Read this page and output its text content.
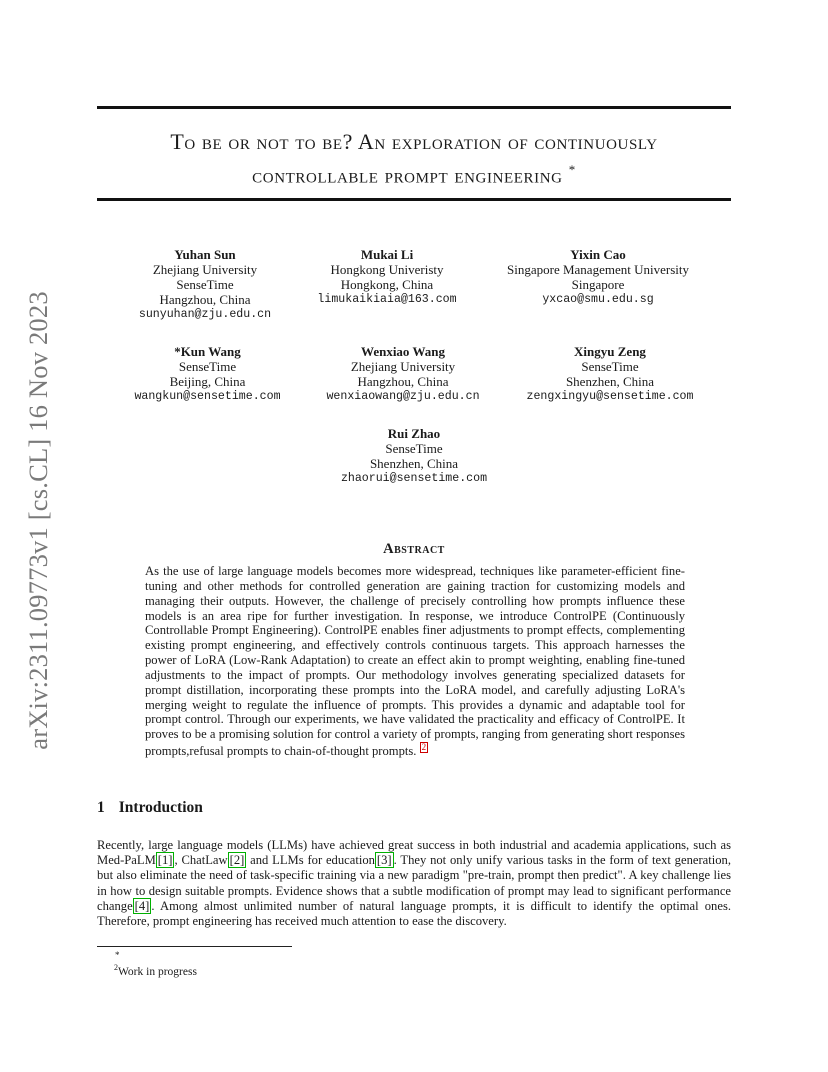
arXiv:2311.09773v1 [cs.CL] 16 Nov 2023
To be or not to be? An exploration of continuously
controllable prompt engineering *
Yuhan Sun
Zhejiang University
SenseTime
Hangzhou, China
sunyuhan@zju.edu.cn
Mukai Li
Hongkong Univeristy
Hongkong, China
limukaikiaia@163.com
Yixin Cao
Singapore Management University
Singapore
yxcao@smu.edu.sg
*Kun Wang
SenseTime
Beijing, China
wangkun@sensetime.com
Wenxiao Wang
Zhejiang University
Hangzhou, China
wenxiaowang@zju.edu.cn
Xingyu Zeng
SenseTime
Shenzhen, China
zengxingyu@sensetime.com
Rui Zhao
SenseTime
Shenzhen, China
zhaorui@sensetime.com
Abstract
As the use of large language models becomes more widespread, techniques like parameter-efficient fine-tuning and other methods for controlled generation are gaining traction for customizing models and managing their outputs. However, the challenge of precisely controlling how prompts influence these models is an area ripe for further investigation. In response, we introduce ControlPE (Continuously Controllable Prompt Engineering). ControlPE enables finer adjustments to prompt effects, complementing existing prompt engineering, and effectively controls continuous targets. This approach harnesses the power of LoRA (Low-Rank Adaptation) to create an effect akin to prompt weighting, enabling fine-tuned adjustments to the impact of prompts. Our methodology involves generating specialized datasets for prompt distillation, incorporating these prompts into the LoRA model, and carefully adjusting LoRA's merging weight to regulate the influence of prompts. This provides a dynamic and adaptable tool for prompt control. Through our experiments, we have validated the practicality and efficacy of ControlPE. It proves to be a promising solution for control a variety of prompts, ranging from generating short responses prompts,refusal prompts to chain-of-thought prompts. 2
1 Introduction
Recently, large language models (LLMs) have achieved great success in both industrial and academia applications, such as Med-PaLM [1] , ChatLaw [2] and LLMs for education [3] . They not only unify various tasks in the form of text generation, but also eliminate the need of task-specific training via a new paradigm "pre-train, prompt then predict". A key challenge lies in how to design suitable prompts. Evidence shows that a subtle modification of prompt may lead to significant performance change [4] . Among almost unlimited number of natural language prompts, it is difficult to identify the optimal ones. Therefore, prompt engineering has received much attention to ease the discovery.
*
$^2$Work in progress
